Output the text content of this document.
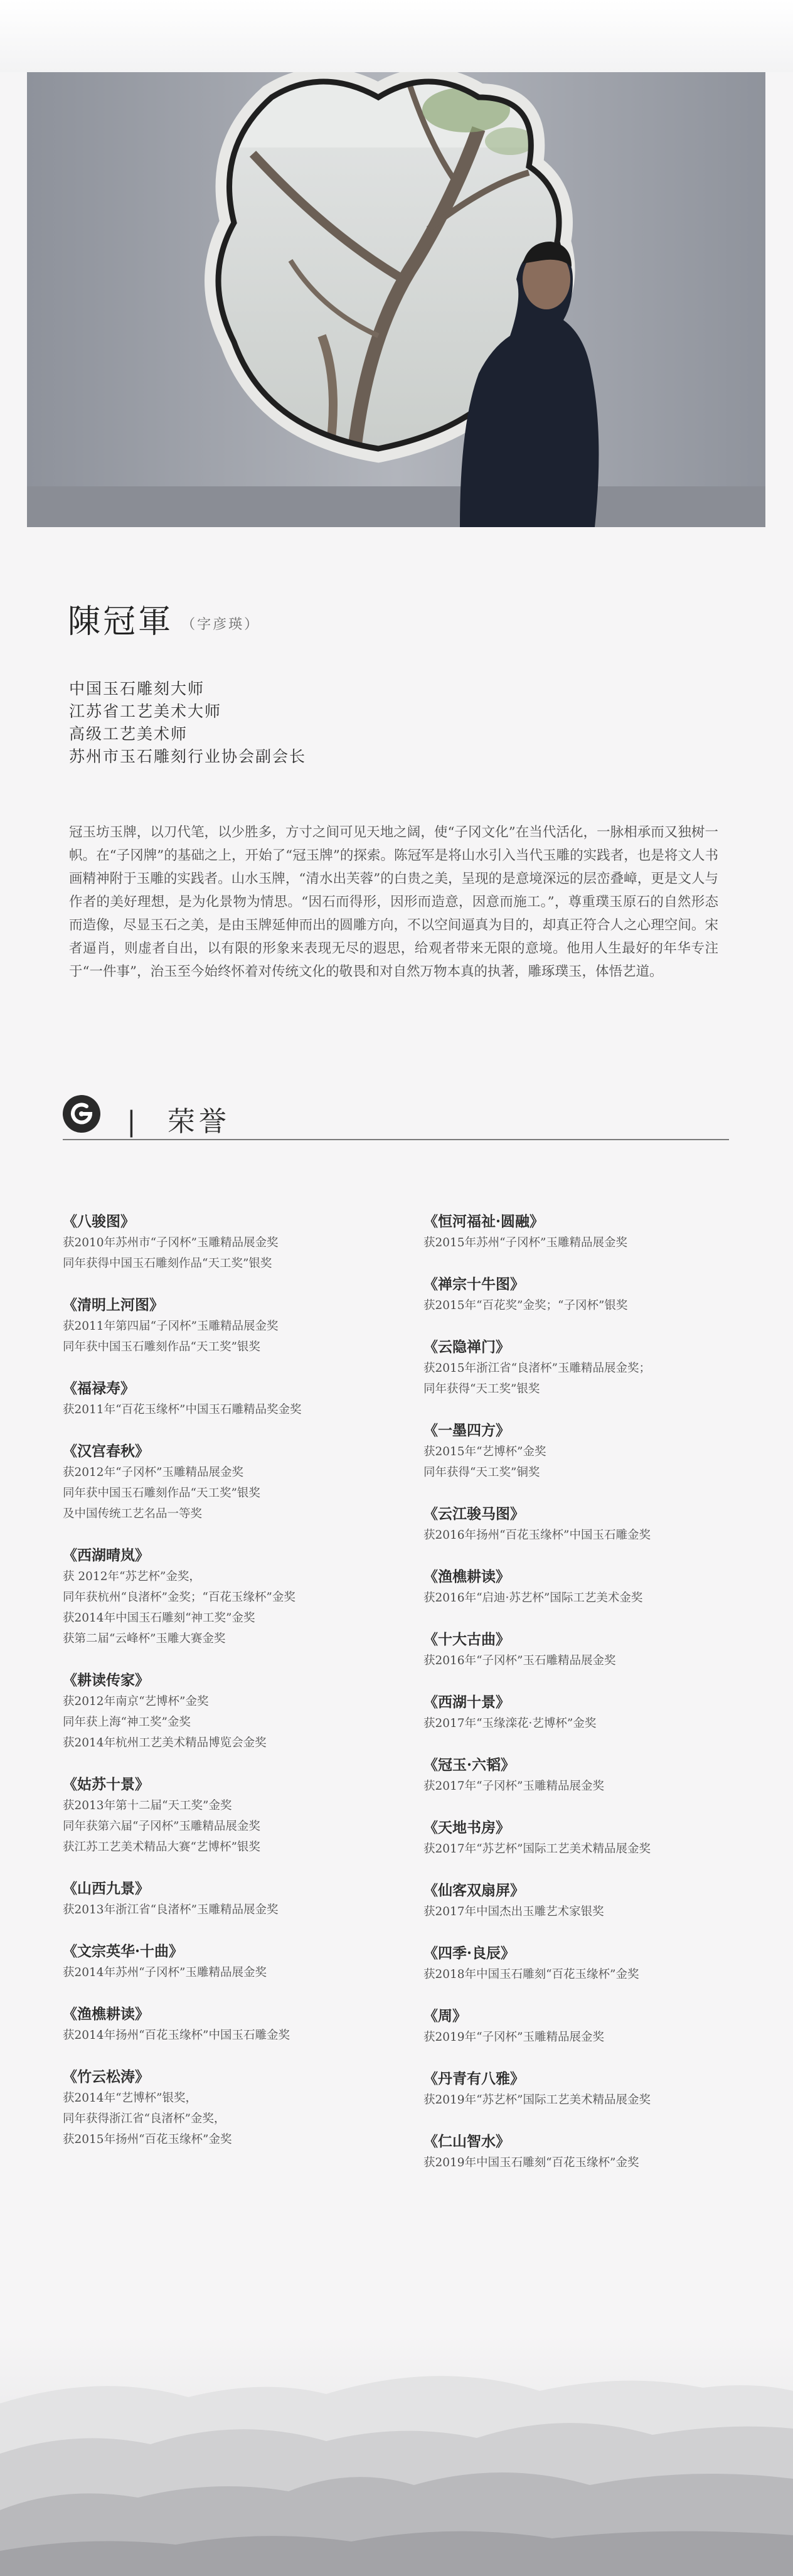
陳冠軍 （字彦瑛）
中国玉石雕刻大师
江苏省工艺美术大师
高级工艺美术师
苏州市玉石雕刻行业协会副会长
冠玉坊玉牌，以刀代笔，以少胜多，方寸之间可见天地之阔，使“子冈文化”在当代活化，一脉相承而又独树一帜。在“子冈牌”的基础之上，开始了“冠玉牌”的探索。陈冠军是将山水引入当代玉雕的实践者，也是将文人书画精神附于玉雕的实践者。山水玉牌，“清水出芙蓉”的白贵之美，呈现的是意境深远的层峦叠嶂，更是文人与作者的美好理想，是为化景物为情思。“因石而得形，因形而造意，因意而施工。”，尊重璞玉原石的自然形态而造像，尽显玉石之美，是由玉牌延伸而出的圆雕方向，不以空间逼真为目的，却真正符合人之心理空间。宋者逼肖，则虚者自出，以有限的形象来表现无尽的遐思，给观者带来无限的意境。他用人生最好的年华专注于“一件事”，治玉至今始终怀着对传统文化的敬畏和对自然万物本真的执著，雕琢璞玉，体悟艺道。
| 荣誉
《八骏图》
获2010年苏州市“子冈杯”玉雕精品展金奖
同年获得中国玉石雕刻作品“天工奖”银奖
《清明上河图》
获2011年第四届“子冈杯”玉雕精品展金奖
同年获中国玉石雕刻作品“天工奖”银奖
《福禄寿》
获2011年“百花玉缘杯”中国玉石雕精品奖金奖
《汉宫春秋》
获2012年“子冈杯”玉雕精品展金奖
同年获中国玉石雕刻作品“天工奖”银奖
及中国传统工艺名品一等奖
《西湖晴岚》
获 2012年“苏艺杯”金奖，
同年获杭州“良渚杯”金奖；“百花玉缘杯”金奖
获2014年中国玉石雕刻“神工奖”金奖
获第二届“云峰杯”玉雕大赛金奖
《耕读传家》
获2012年南京“艺博杯”金奖
同年获上海“神工奖”金奖
获2014年杭州工艺美术精品博览会金奖
《姑苏十景》
获2013年第十二届“天工奖”金奖
同年获第六届“子冈杯”玉雕精品展金奖
获江苏工艺美术精品大赛“艺博杯”银奖
《山西九景》
获2013年浙江省“良渚杯”玉雕精品展金奖
《文宗英华·十曲》
获2014年苏州“子冈杯”玉雕精品展金奖
《渔樵耕读》
获2014年扬州“百花玉缘杯”中国玉石雕金奖
《竹云松涛》
获2014年“艺博杯”银奖，
同年获得浙江省“良渚杯”金奖，
获2015年扬州“百花玉缘杯”金奖
《恒河福祉·圆融》
获2015年苏州“子冈杯”玉雕精品展金奖
《禅宗十牛图》
获2015年“百花奖”金奖；“子冈杯”银奖
《云隐禅门》
获2015年浙江省“良渚杯”玉雕精品展金奖；
同年获得“天工奖”银奖
《一墨四方》
获2015年“艺博杯”金奖
同年获得“天工奖”铜奖
《云江骏马图》
获2016年扬州“百花玉缘杯”中国玉石雕金奖
《渔樵耕读》
获2016年“启迪·苏艺杯”国际工艺美术金奖
《十大古曲》
获2016年“子冈杯”玉石雕精品展金奖
《西湖十景》
获2017年“玉缘滦花·艺博杯”金奖
《冠玉·六韬》
获2017年“子冈杯”玉雕精品展金奖
《天地书房》
获2017年“苏艺杯”国际工艺美术精品展金奖
《仙客双扇屏》
获2017年中国杰出玉雕艺术家银奖
《四季·良辰》
获2018年中国玉石雕刻“百花玉缘杯”金奖
《周》
获2019年“子冈杯”玉雕精品展金奖
《丹青有八雅》
获2019年“苏艺杯”国际工艺美术精品展金奖
《仁山智水》
获2019年中国玉石雕刻“百花玉缘杯”金奖
